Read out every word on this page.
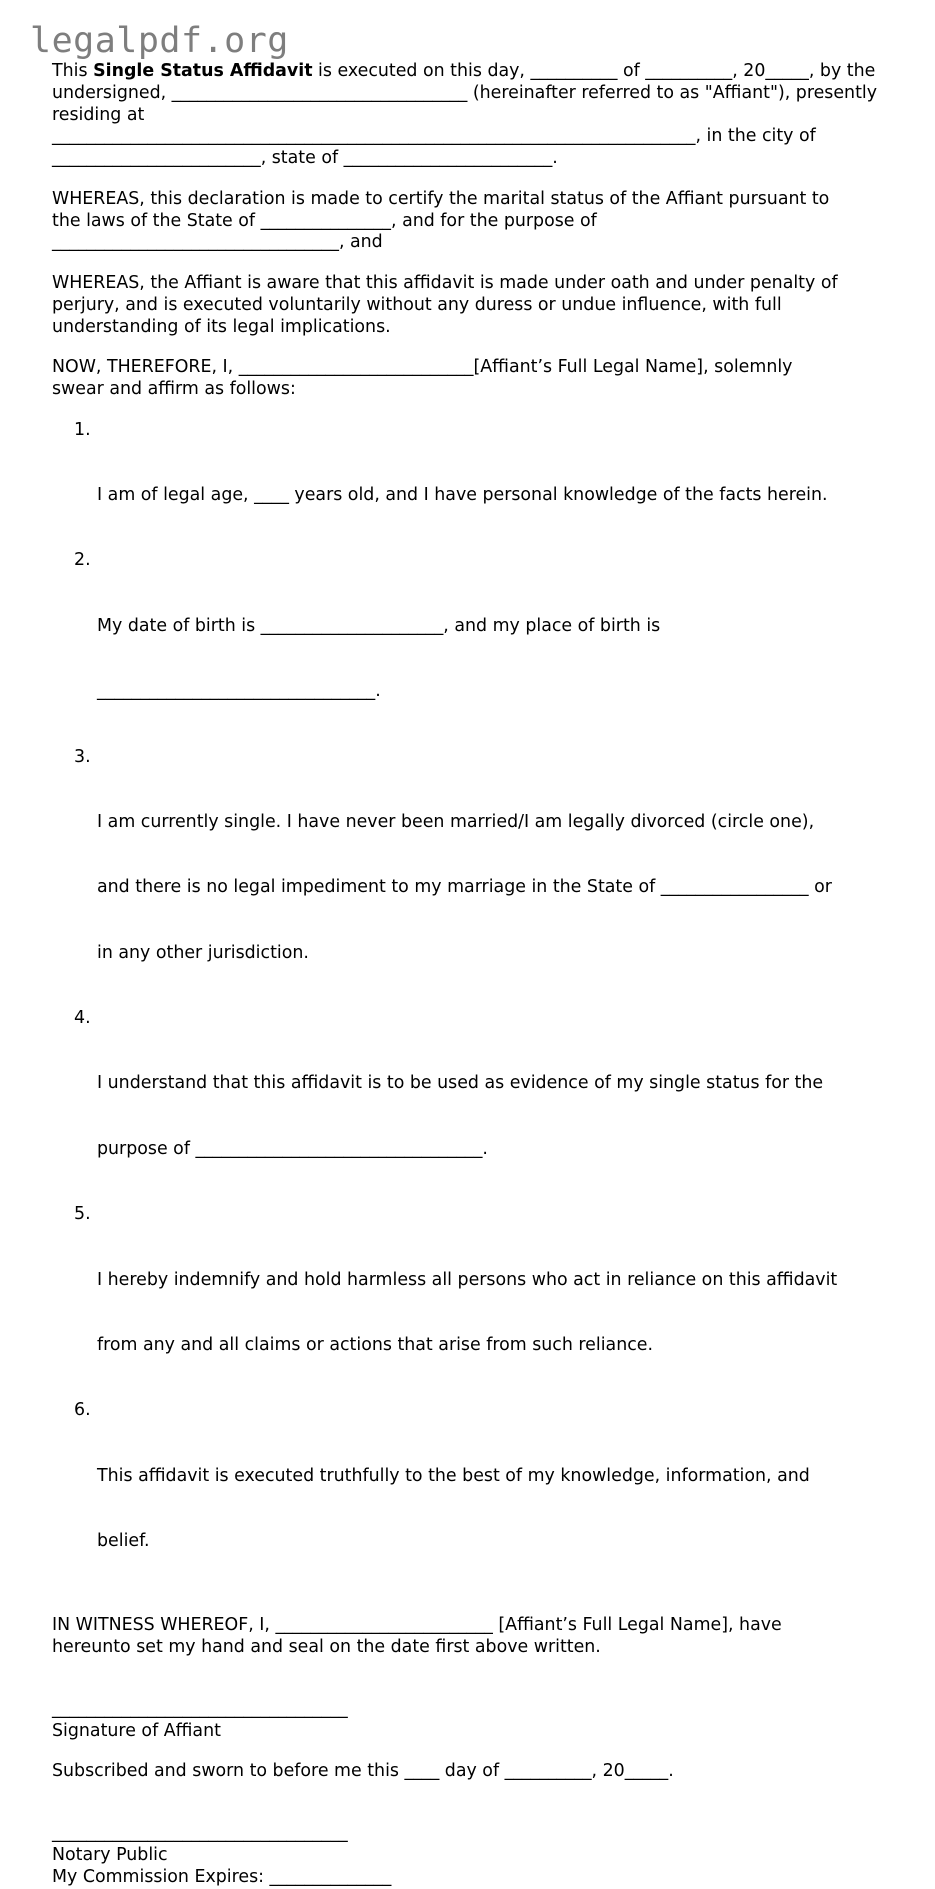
legalpdf.org

This Single Status Affidavit is executed on this day, __________ of __________, 20_____, by the undersigned, __________________________________ (hereinafter referred to as "Affiant"), presently residing at

__________________________________________________________________________, in the city of

________________________, state of ________________________.

WHEREAS, this declaration is made to certify the marital status of the Affiant pursuant to

the laws of the State of _______________, and for the purpose of

_________________________________, and

WHEREAS, the Affiant is aware that this affidavit is made under oath and under penalty of

perjury, and is executed voluntarily without any duress or undue influence, with full

understanding of its legal implications.

NOW, THEREFORE, I, ___________________________[Affiant’s Full Legal Name], solemnly

swear and affirm as follows:

1.

I am of legal age, ____ years old, and I have personal knowledge of the facts herein.

2.

My date of birth is _____________________, and my place of birth is

________________________________.

3.

I am currently single. I have never been married/I am legally divorced (circle one),

and there is no legal impediment to my marriage in the State of _________________ or

in any other jurisdiction.

4.

I understand that this affidavit is to be used as evidence of my single status for the

purpose of _________________________________.

5.

I hereby indemnify and hold harmless all persons who act in reliance on this affidavit

from any and all claims or actions that arise from such reliance.

6.

This affidavit is executed truthfully to the best of my knowledge, information, and

belief.

IN WITNESS WHEREOF, I, _________________________ [Affiant’s Full Legal Name], have

hereunto set my hand and seal on the date first above written.

__________________________________

Signature of Affiant

Subscribed and sworn to before me this ____ day of __________, 20_____.

__________________________________

Notary Public

My Commission Expires: ______________
